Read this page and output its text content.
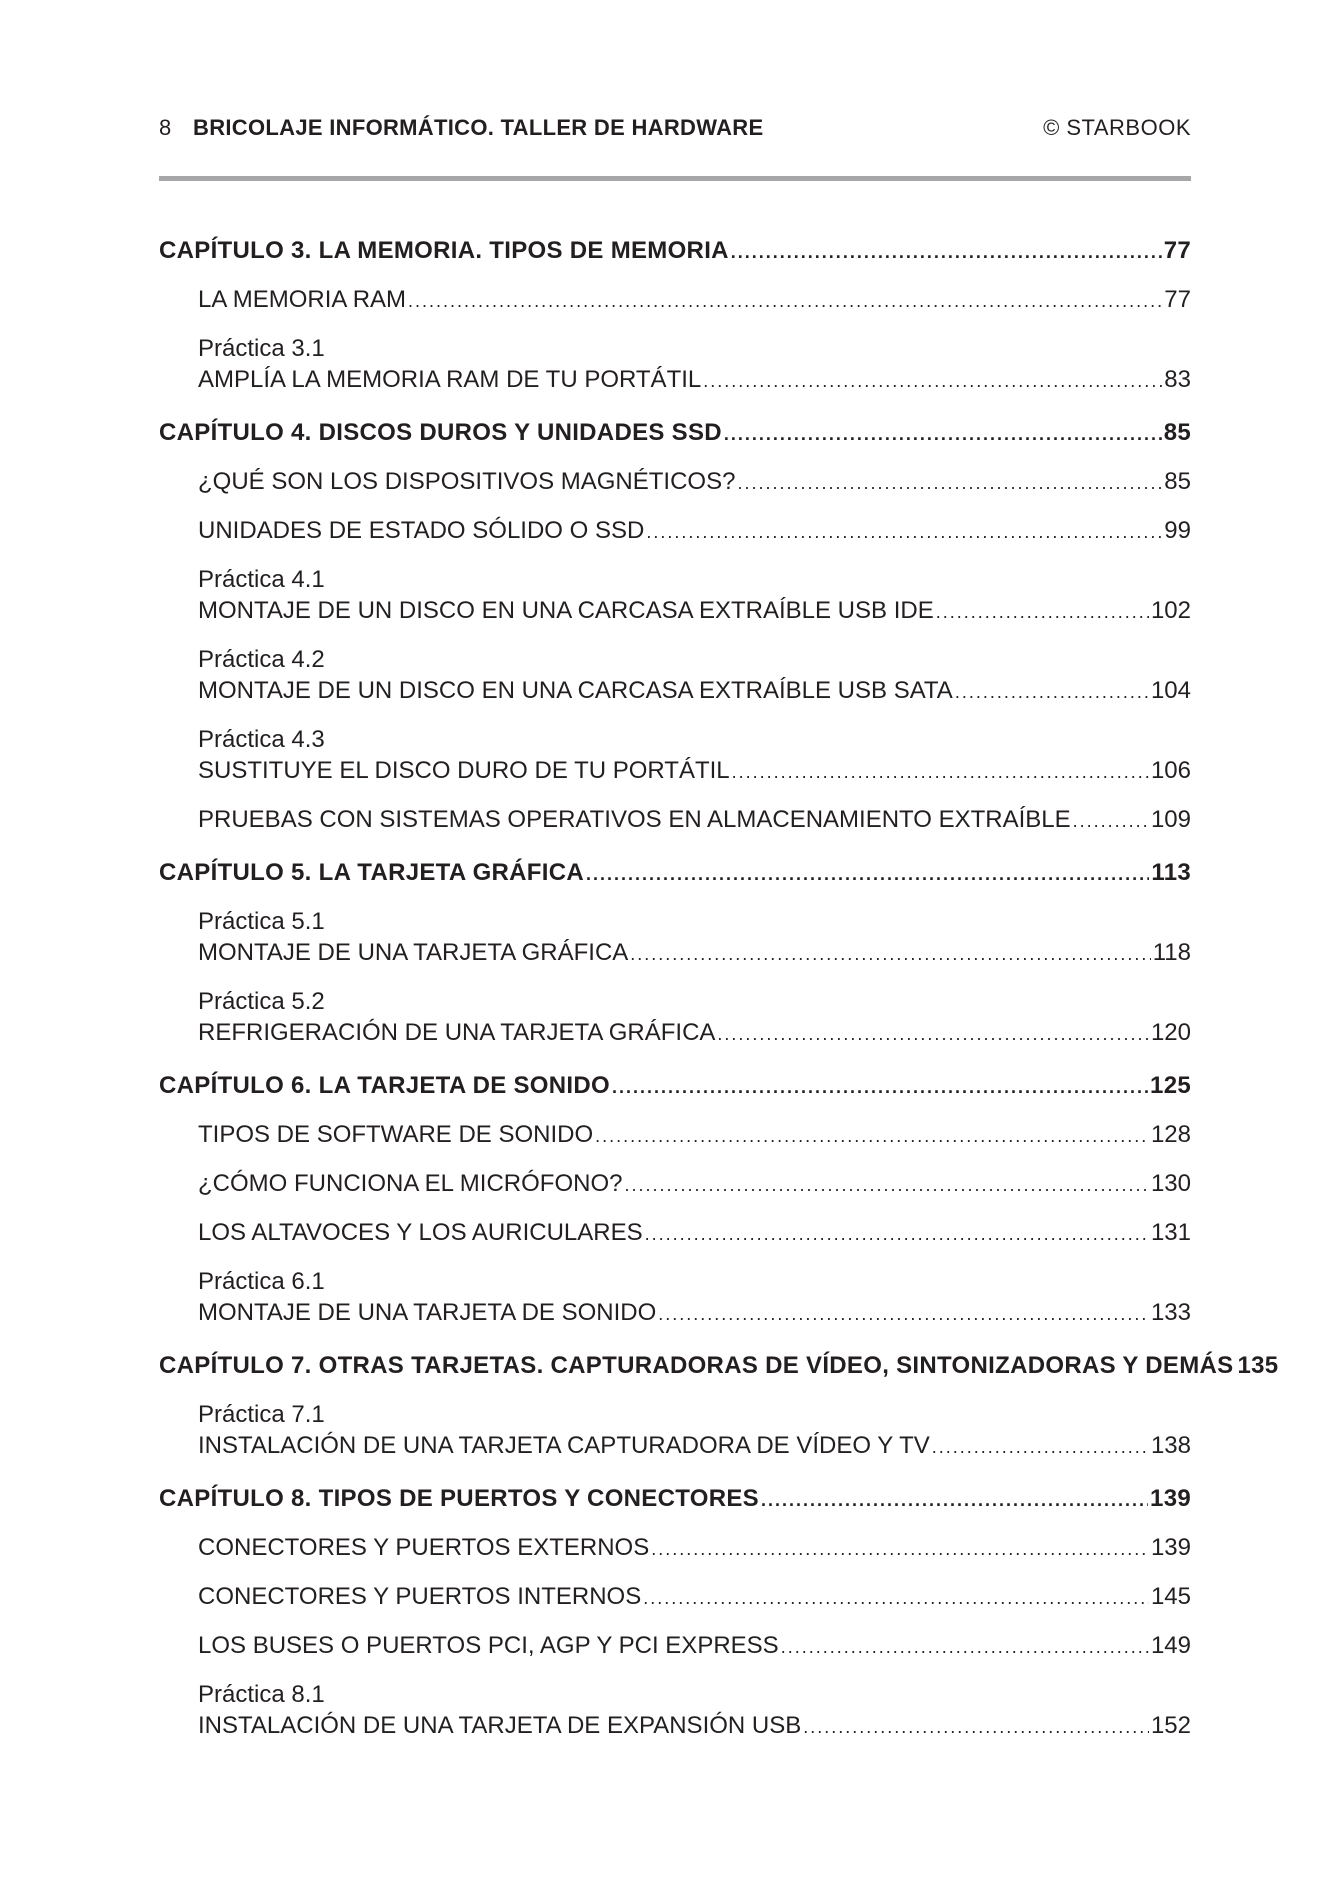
8 BRICOLAJE INFORMÁTICO. TALLER DE HARDWARE	© STARBOOK
CAPÍTULO 3. LA MEMORIA. TIPOS DE MEMORIA .....	77
LA MEMORIA RAM .....	77
Práctica 3.1
AMPLÍA LA MEMORIA RAM DE TU PORTÁTIL .....	83
CAPÍTULO 4. DISCOS DUROS Y UNIDADES SSD .....	85
¿QUÉ SON LOS DISPOSITIVOS MAGNÉTICOS? .....	85
UNIDADES DE ESTADO SÓLIDO O SSD .....	99
Práctica 4.1
MONTAJE DE UN DISCO EN UNA CARCASA EXTRAÍBLE USB IDE .....	102
Práctica 4.2
MONTAJE DE UN DISCO EN UNA CARCASA EXTRAÍBLE USB SATA .....	104
Práctica 4.3
SUSTITUYE EL DISCO DURO DE TU PORTÁTIL .....	106
PRUEBAS CON SISTEMAS OPERATIVOS EN ALMACENAMIENTO EXTRAÍBLE .....	109
CAPÍTULO 5. LA TARJETA GRÁFICA .....	113
Práctica 5.1
MONTAJE DE UNA TARJETA GRÁFICA .....	118
Práctica 5.2
REFRIGERACIÓN DE UNA TARJETA GRÁFICA .....	120
CAPÍTULO 6. LA TARJETA DE SONIDO .....	125
TIPOS DE SOFTWARE DE SONIDO .....	128
¿CÓMO FUNCIONA EL MICRÓFONO? .....	130
LOS ALTAVOCES Y LOS AURICULARES .....	131
Práctica 6.1
MONTAJE DE UNA TARJETA DE SONIDO .....	133
CAPÍTULO 7. OTRAS TARJETAS. CAPTURADORAS DE VÍDEO, SINTONIZADORAS Y DEMÁS 135
Práctica 7.1
INSTALACIÓN DE UNA TARJETA CAPTURADORA DE VÍDEO Y TV .....	138
CAPÍTULO 8. TIPOS DE PUERTOS Y CONECTORES .....	139
CONECTORES Y PUERTOS EXTERNOS .....	139
CONECTORES Y PUERTOS INTERNOS .....	145
LOS BUSES O PUERTOS PCI, AGP Y PCI EXPRESS .....	149
Práctica 8.1
INSTALACIÓN DE UNA TARJETA DE EXPANSIÓN USB .....	152
